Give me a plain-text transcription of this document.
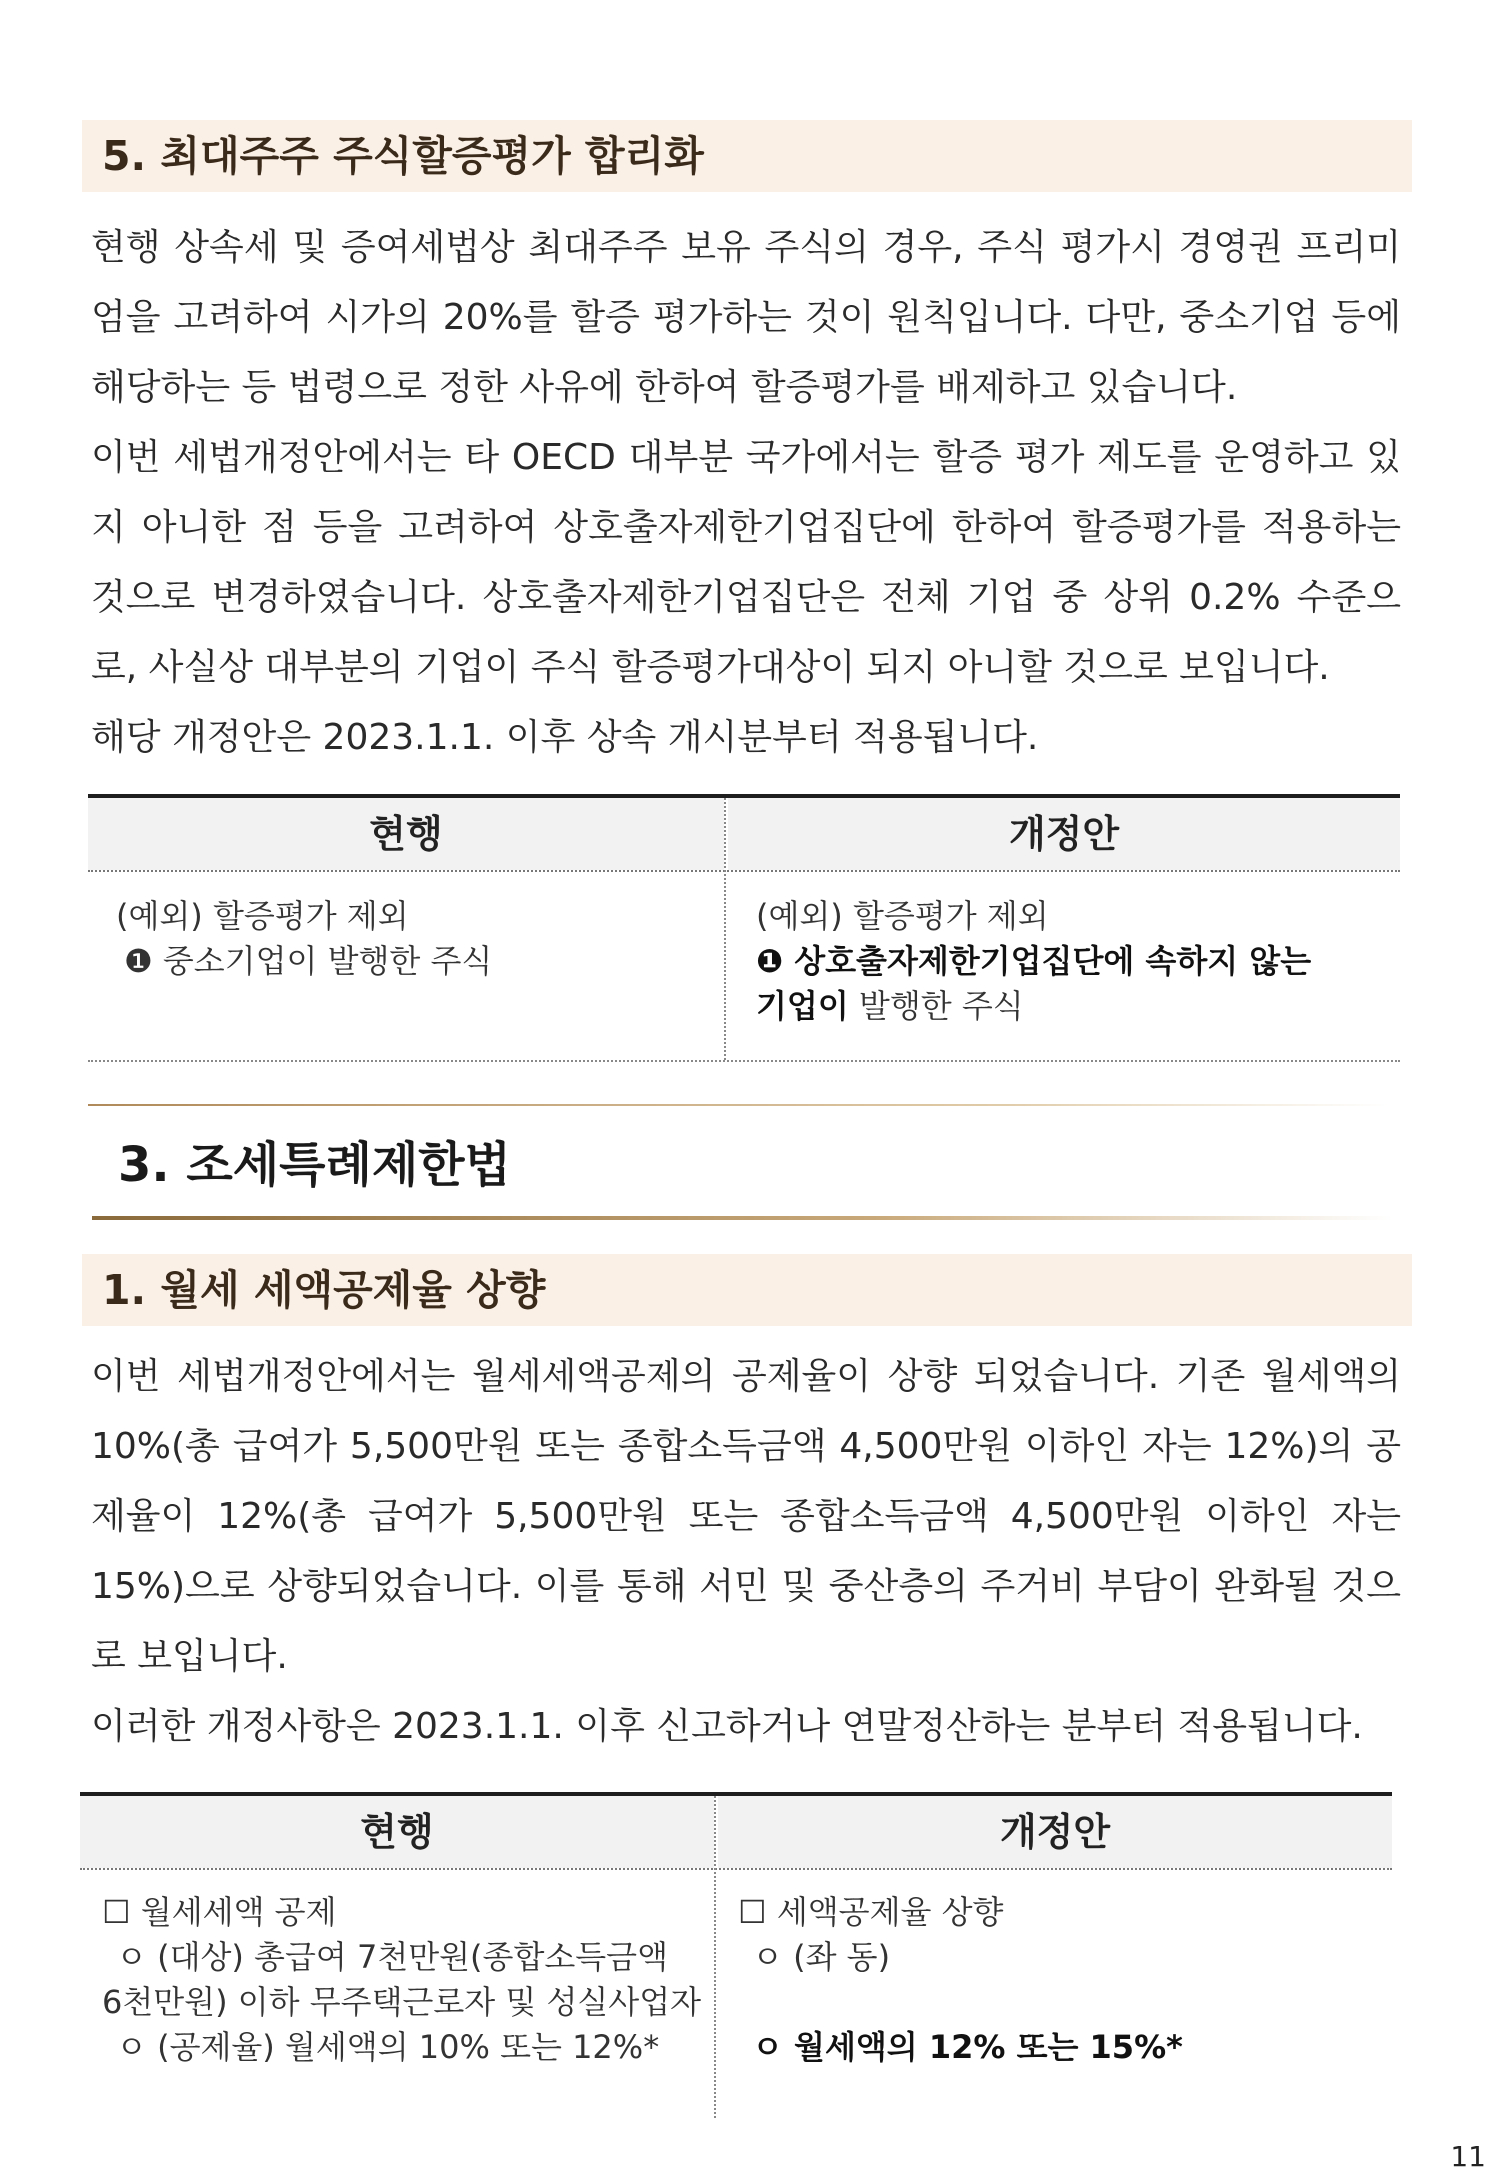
5. 최대주주 주식할증평가 합리화

현행 상속세 및 증여세법상 최대주주 보유 주식의 경우, 주식 평가시 경영권 프리미엄을 고려하여 시가의 20%를 할증 평가하는 것이 원칙입니다. 다만, 중소기업 등에 해당하는 등 법령으로 정한 사유에 한하여 할증평가를 배제하고 있습니다.

이번 세법개정안에서는 타 OECD 대부분 국가에서는 할증 평가 제도를 운영하고 있지 아니한 점 등을 고려하여 상호출자제한기업집단에 한하여 할증평가를 적용하는 것으로 변경하였습니다. 상호출자제한기업집단은 전체 기업 중 상위 0.2% 수준으로, 사실상 대부분의 기업이 주식 할증평가대상이 되지 아니할 것으로 보입니다.

해당 개정안은 2023.1.1. 이후 상속 개시분부터 적용됩니다.

현행	개정안
(예외) 할증평가 제외
❶ 중소기업이 발행한 주식
(예외) 할증평가 제외
❶ 상호출자제한기업집단에 속하지 않는
기업이 발행한 주식
3. 조세특례제한법
1. 월세 세액공제율 상향

이번 세법개정안에서는 월세세액공제의 공제율이 상향 되었습니다. 기존 월세액의 10%(총 급여가 5,500만원 또는 종합소득금액 4,500만원 이하인 자는 12%)의 공제율이 12%(총 급여가 5,500만원 또는 종합소득금액 4,500만원 이하인 자는 15%)으로 상향되었습니다. 이를 통해 서민 및 중산층의 주거비 부담이 완화될 것으로 보입니다.

이러한 개정사항은 2023.1.1. 이후 신고하거나 연말정산하는 분부터 적용됩니다.

현행	개정안
☐ 월세세액 공제
ㅇ (대상) 총급여 7천만원(종합소득금액
6천만원) 이하 무주택근로자 및 성실사업자
ㅇ (공제율) 월세액의 10% 또는 12%*
☐ 세액공제율 상향
ㅇ (좌 동)
ㅇ 월세액의 12% 또는 15%*
11
